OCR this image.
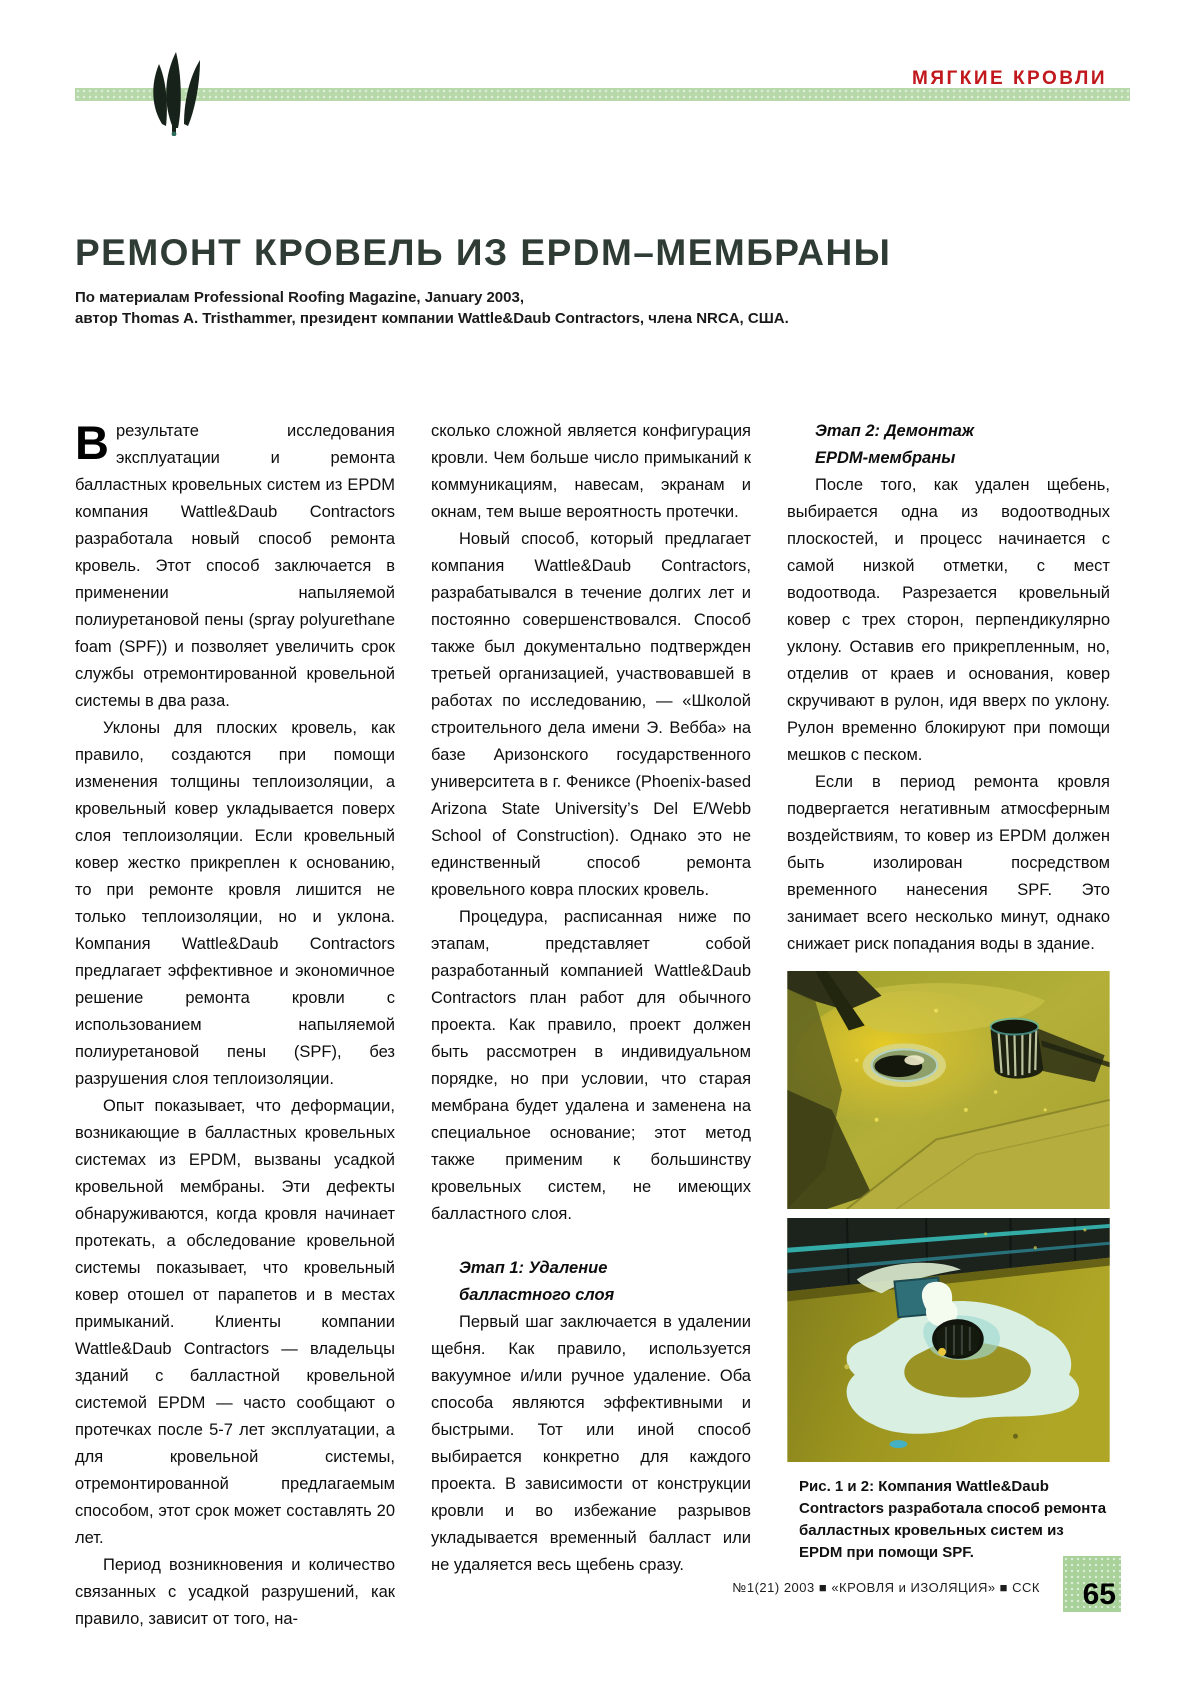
МЯГКИЕ КРОВЛИ
РЕМОНТ КРОВЕЛЬ ИЗ EPDM–МЕМБРАНЫ
По материалам Professional Roofing Magazine, January 2003,
автор Thomas A. Tristhammer, президент компании Wattle&Daub Contractors, члена NRCA, США.

Врезультате исследования эксплуатации и ремонта балластных кровельных систем из EPDM компания Wattle&Daub Contractors разработала новый способ ремонта кровель. Этот способ заключается в применении напыляемой полиуретановой пены (spray polyurethane foam (SPF)) и позволяет увеличить срок службы отремонтированной кровельной системы в два раза.

Уклоны для плоских кровель, как правило, создаются при помощи изменения толщины теплоизоляции, а кровельный ковер укладывается поверх слоя теплоизоляции. Если кровельный ковер жестко прикреплен к основанию, то при ремонте кровля лишится не только теплоизоляции, но и уклона. Компания Wattle&Daub Contractors предлагает эффективное и экономичное решение ремонта кровли с использованием напыляемой полиуретановой пены (SPF), без разрушения слоя теплоизоляции.

Опыт показывает, что деформации, возникающие в балластных кровельных системах из EPDM, вызваны усадкой кровельной мембраны. Эти дефекты обнаруживаются, когда кровля начинает протекать, а обследование кровельной системы показывает, что кровельный ковер отошел от парапетов и в местах примыканий. Клиенты компании Wattle&Daub Contractors — владельцы зданий с балластной кровельной системой EPDM — часто сообщают о протечках после 5-7 лет эксплуатации, а для кровельной системы, отремонтированной предлагаемым способом, этот срок может составлять 20 лет.

Период возникновения и количество связанных с усадкой разрушений, как правило, зависит от того, на-

сколько сложной является конфигурация кровли. Чем больше число примыканий к коммуникациям, навесам, экранам и окнам, тем выше вероятность протечки.

Новый способ, который предлагает компания Wattle&Daub Contractors, разрабатывался в течение долгих лет и постоянно совершенствовался. Способ также был документально подтвержден третьей организацией, участвовавшей в работах по исследованию, — «Школой строительного дела имени Э. Вебба» на базе Аризонского государственного университета в г. Фениксе (Phoenix-based Arizona State University’s Del E/Webb School of Construction). Однако это не единственный способ ремонта кровельного ковра плоских кровель.

Процедура, расписанная ниже по этапам, представляет собой разработанный компанией Wattle&Daub Contractors план работ для обычного проекта. Как правило, проект должен быть рассмотрен в индивидуальном порядке, но при условии, что старая мембрана будет удалена и заменена на специальное основание; этот метод также применим к большинству кровельных систем, не имеющих балластного слоя.

Этап 1: Удаление
балластного слоя

Первый шаг заключается в удалении щебня. Как правило, используется вакуумное и/или ручное удаление. Оба способа являются эффективными и быстрыми. Тот или иной способ выбирается конкретно для каждого проекта. В зависимости от конструкции кровли и во избежание разрывов укладывается временный балласт или не удаляется весь щебень сразу.

Этап 2: Демонтаж
EPDM-мембраны

После того, как удален щебень, выбирается одна из водоотводных плоскостей, и процесс начинается с самой низкой отметки, с мест водоотвода. Разрезается кровельный ковер с трех сторон, перпендикулярно уклону. Оставив его прикрепленным, но, отделив от краев и основания, ковер скручивают в рулон, идя вверх по уклону. Рулон временно блокируют при помощи мешков с песком.

Если в период ремонта кровля подвергается негативным атмосферным воздействиям, то ковер из EPDM должен быть изолирован посредством временного нанесения SPF. Это занимает всего несколько минут, однако снижает риск попадания воды в здание.

Рис. 1 и 2: Компания Wattle&Daub Contractors разработала способ ремонта балластных кровельных систем из EPDM при помощи SPF.
№1(21) 2003 ■ «КРОВЛЯ и ИЗОЛЯЦИЯ» ■ ССК 65
